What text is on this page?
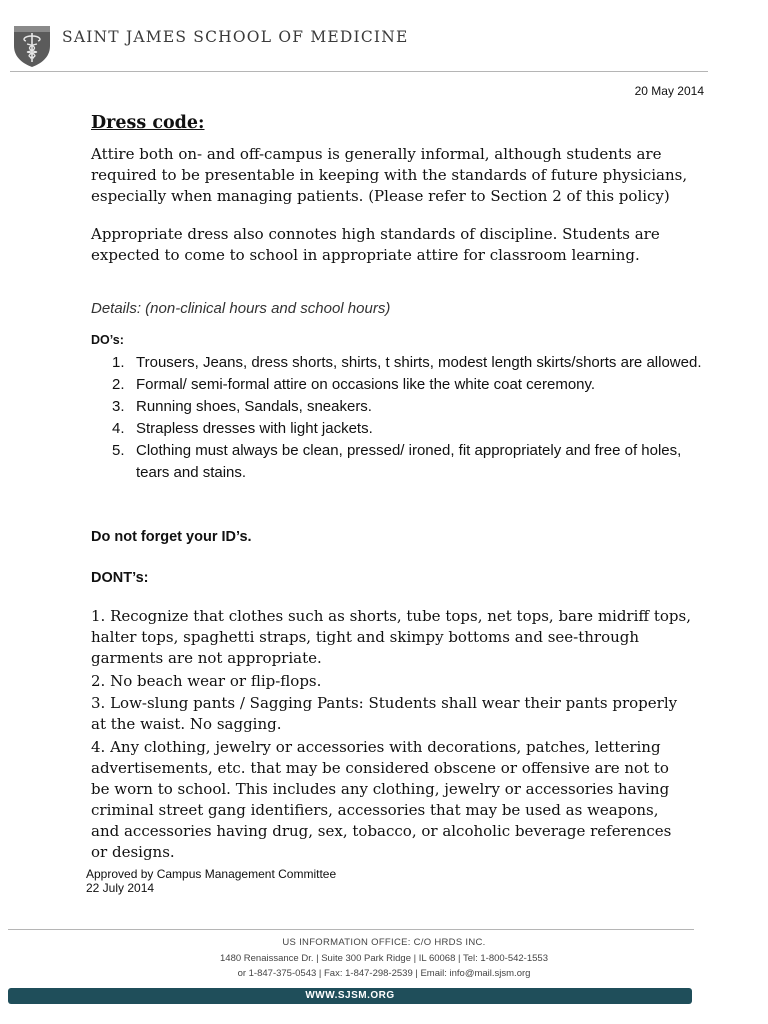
SAINT JAMES SCHOOL OF MEDICINE
20 May 2014
Dress code:
Attire both on- and off-campus is generally informal, although students are required to be presentable in keeping with the standards of future physicians, especially when managing patients. (Please refer to Section 2 of this policy)
Appropriate dress also connotes high standards of discipline. Students are expected to come to school in appropriate attire for classroom learning.
Details: (non-clinical hours and school hours)
DO’s:
1. Trousers, Jeans, dress shorts, shirts, t shirts, modest length skirts/shorts are allowed.
2. Formal/ semi-formal attire on occasions like the white coat ceremony.
3. Running shoes, Sandals, sneakers.
4. Strapless dresses with light jackets.
5. Clothing must always be clean, pressed/ ironed, fit appropriately and free of holes, tears and stains.
Do not forget your ID’s.
DONT’s:
1. Recognize that clothes such as shorts, tube tops, net tops, bare midriff tops, halter tops, spaghetti straps, tight and skimpy bottoms and see-through garments are not appropriate.
2. No beach wear or flip-flops.
3. Low-slung pants / Sagging Pants: Students shall wear their pants properly at the waist. No sagging.
4. Any clothing, jewelry or accessories with decorations, patches, lettering advertisements, etc. that may be considered obscene or offensive are not to be worn to school. This includes any clothing, jewelry or accessories having criminal street gang identifiers, accessories that may be used as weapons, and accessories having drug, sex, tobacco, or alcoholic beverage references or designs.
Approved by Campus Management Committee
22 July 2014
US INFORMATION OFFICE: C/O HRDS INC.
1480 Renaissance Dr. | Suite 300 Park Ridge | IL 60068 | Tel: 1-800-542-1553
or 1-847-375-0543 | Fax: 1-847-298-2539 | Email: info@mail.sjsm.org
WWW.SJSM.ORG
